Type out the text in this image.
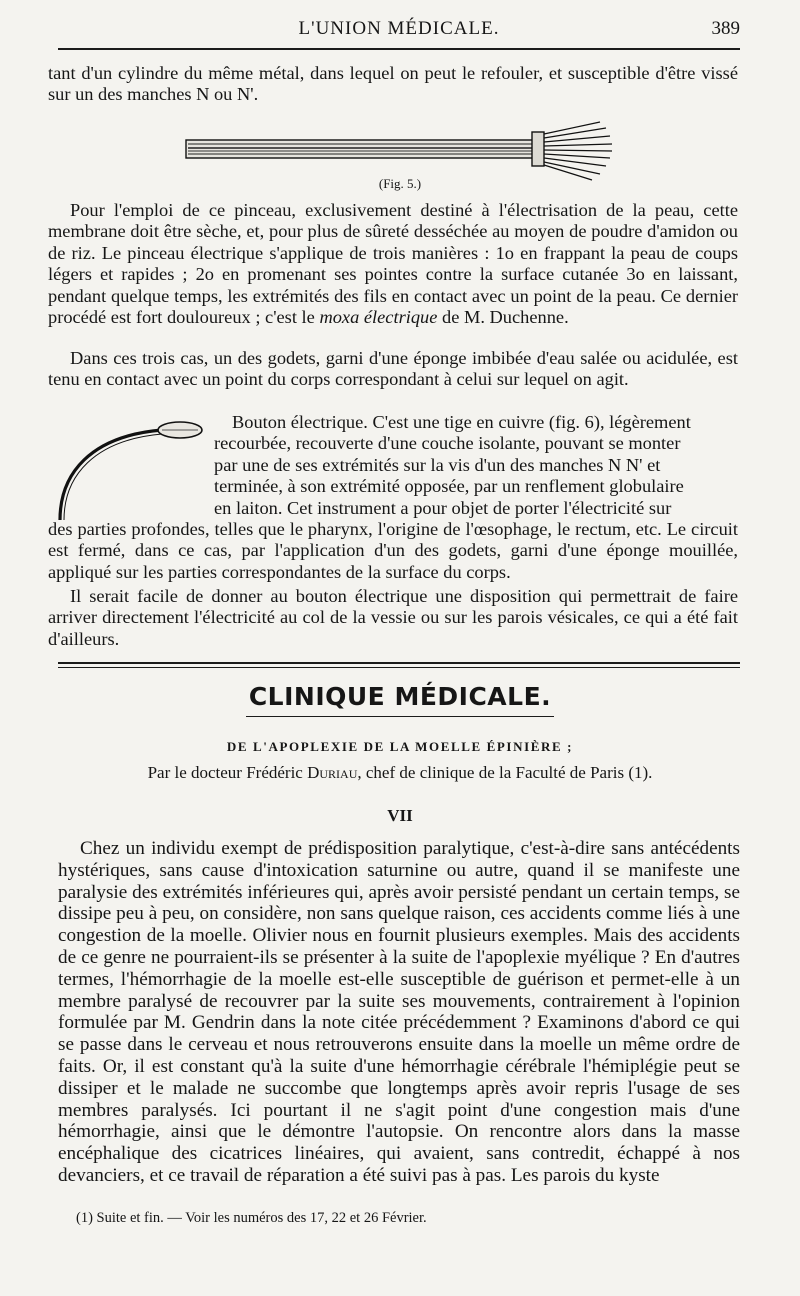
L'UNION MÉDICALE.	389

tant d'un cylindre du même métal, dans lequel on peut le refouler, et susceptible d'être vissé sur un des manches N ou N'.

(Fig. 5.)

Pour l'emploi de ce pinceau, exclusivement destiné à l'électrisation de la peau, cette membrane doit être sèche, et, pour plus de sûreté desséchée au moyen de poudre d'amidon ou de riz. Le pinceau électrique s'applique de trois manières : 1o en frappant la peau de coups légers et rapides ; 2o en promenant ses pointes contre la surface cutanée 3o en laissant, pendant quelque temps, les extrémités des fils en contact avec un point de la peau. Ce dernier procédé est fort douloureux ; c'est le moxa électrique de M. Duchenne.

Dans ces trois cas, un des godets, garni d'une éponge imbibée d'eau salée ou acidulée, est tenu en contact avec un point du corps correspondant à celui sur lequel on agit.

Bouton électrique. C'est une tige en cuivre (fig. 6), légèrement

recourbée, recouverte d'une couche isolante, pouvant se monter

par une de ses extrémités sur la vis d'un des manches N N' et

terminée, à son extrémité opposée, par un renflement globulaire

en laiton. Cet instrument a pour objet de porter l'électricité sur

des parties profondes, telles que le pharynx, l'origine de l'œsophage, le rectum, etc. Le circuit est fermé, dans ce cas, par l'application d'un des godets, garni d'une éponge mouillée, appliqué sur les parties correspondantes de la surface du corps.

Il serait facile de donner au bouton électrique une disposition qui permettrait de faire arriver directement l'électricité au col de la vessie ou sur les parois vésicales, ce qui a été fait d'ailleurs.

CLINIQUE MÉDICALE.
DE L'APOPLEXIE DE LA MOELLE ÉPINIÈRE ;
Par le docteur Frédéric Duriau, chef de clinique de la Faculté de Paris (1).
VII

Chez un individu exempt de prédisposition paralytique, c'est-à-dire sans antécédents hystériques, sans cause d'intoxication saturnine ou autre, quand il se manifeste une paralysie des extrémités inférieures qui, après avoir persisté pendant un certain temps, se dissipe peu à peu, on considère, non sans quelque raison, ces accidents comme liés à une congestion de la moelle. Olivier nous en fournit plusieurs exemples. Mais des accidents de ce genre ne pourraient-ils se présenter à la suite de l'apoplexie myélique ? En d'autres termes, l'hémorrhagie de la moelle est-elle susceptible de guérison et permet-elle à un membre paralysé de recouvrer par la suite ses mouvements, contrairement à l'opinion formulée par M. Gendrin dans la note citée précédemment ? Examinons d'abord ce qui se passe dans le cerveau et nous retrouverons ensuite dans la moelle un même ordre de faits. Or, il est constant qu'à la suite d'une hémorrhagie cérébrale l'hémiplégie peut se dissiper et le malade ne succombe que longtemps après avoir repris l'usage de ses membres paralysés. Ici pourtant il ne s'agit point d'une congestion mais d'une hémorrhagie, ainsi que le démontre l'autopsie. On rencontre alors dans la masse encéphalique des cicatrices linéaires, qui avaient, sans contredit, échappé à nos devanciers, et ce travail de réparation a été suivi pas à pas. Les parois du kyste

(1) Suite et fin. — Voir les numéros des 17, 22 et 26 Février.
